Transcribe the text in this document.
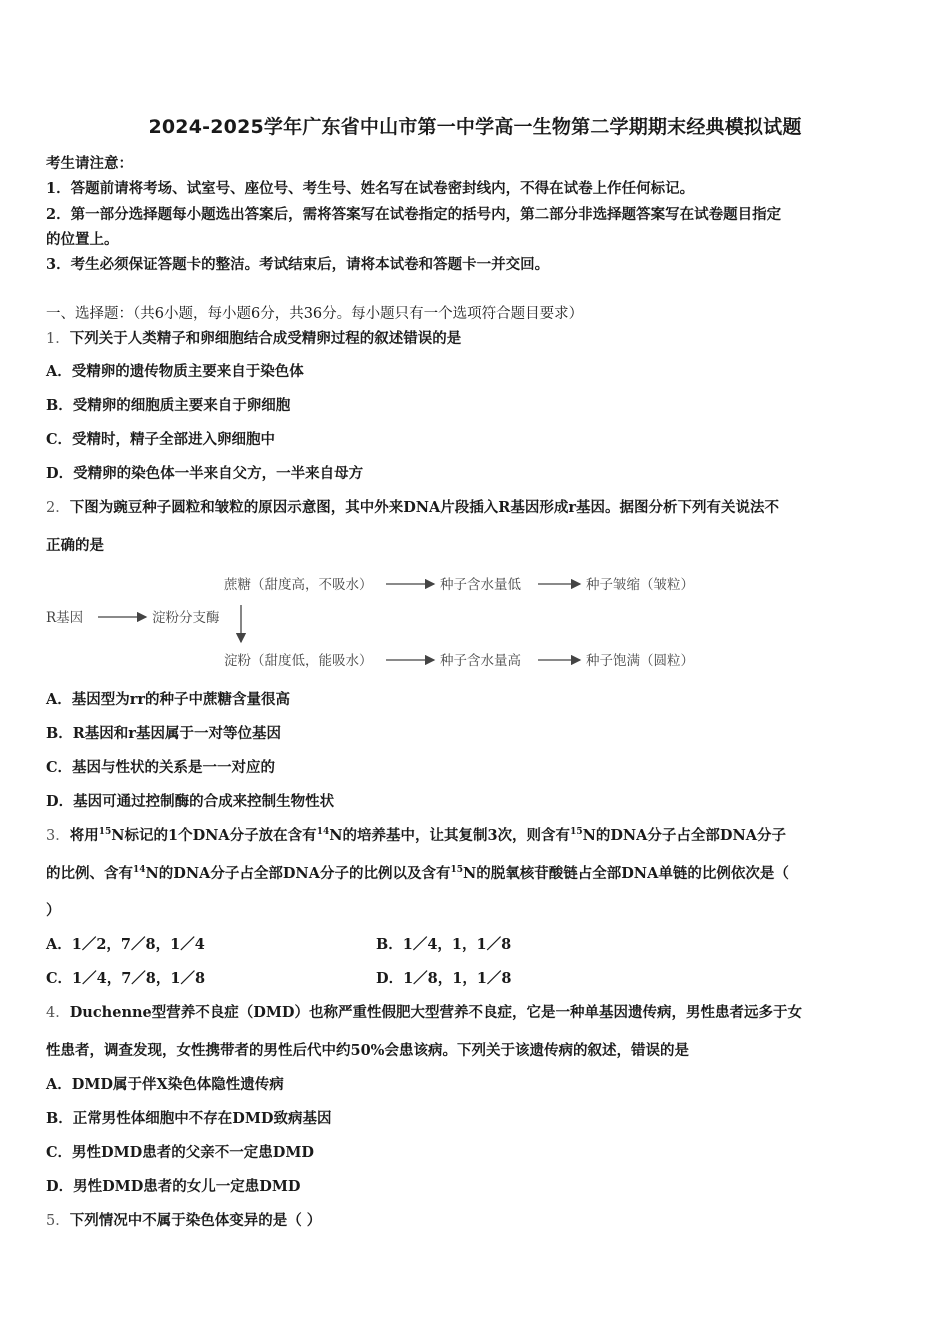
2024-2025学年广东省中山市第一中学高一生物第二学期期末经典模拟试题
考生请注意：
1．答题前请将考场、试室号、座位号、考生号、姓名写在试卷密封线内，不得在试卷上作任何标记。
2．第一部分选择题每小题选出答案后，需将答案写在试卷指定的括号内，第二部分非选择题答案写在试卷题目指定
的位置上。
3．考生必须保证答题卡的整洁。考试结束后，请将本试卷和答题卡一并交回。
一、选择题：（共6小题，每小题6分，共36分。每小题只有一个选项符合题目要求）
1．下列关于人类精子和卵细胞结合成受精卵过程的叙述错误的是
A．受精卵的遗传物质主要来自于染色体
B．受精卵的细胞质主要来自于卵细胞
C．受精时，精子全部进入卵细胞中
D．受精卵的染色体一半来自父方，一半来自母方
2．下图为豌豆种子圆粒和皱粒的原因示意图，其中外来DNA片段插入R基因形成r基因。据图分析下列有关说法不
正确的是
R基因	淀粉分支酶
蔗糖（甜度高，不吸水）	种子含水量低	种子皱缩（皱粒）
淀粉（甜度低，能吸水）	种子含水量高	种子饱满（圆粒）
A．基因型为rr的种子中蔗糖含量很高
B．R基因和r基因属于一对等位基因
C．基因与性状的关系是一一对应的
D．基因可通过控制酶的合成来控制生物性状
3．将用$^{15}$N标记的1个DNA分子放在含有$^{14}$N的培养基中，让其复制3次，则含有$^{15}$N的DNA分子占全部DNA分子
的比例、含有$^{14}$N的DNA分子占全部DNA分子的比例以及含有$^{15}$N的脱氧核苷酸链占全部DNA单链的比例依次是（
）
A．1／2，7／8，1／4	B．1／4，1，1／8
C．1／4，7／8，1／8	D．1／8，1，1／8
4．Duchenne型营养不良症（DMD）也称严重性假肥大型营养不良症，它是一种单基因遗传病，男性患者远多于女
性患者，调查发现，女性携带者的男性后代中约50%会患该病。下列关于该遗传病的叙述，错误的是
A．DMD属于伴X染色体隐性遗传病
B．正常男性体细胞中不存在DMD致病基因
C．男性DMD患者的父亲不一定患DMD
D．男性DMD患者的女儿一定患DMD
5．下列情况中不属于染色体变异的是（ ）
